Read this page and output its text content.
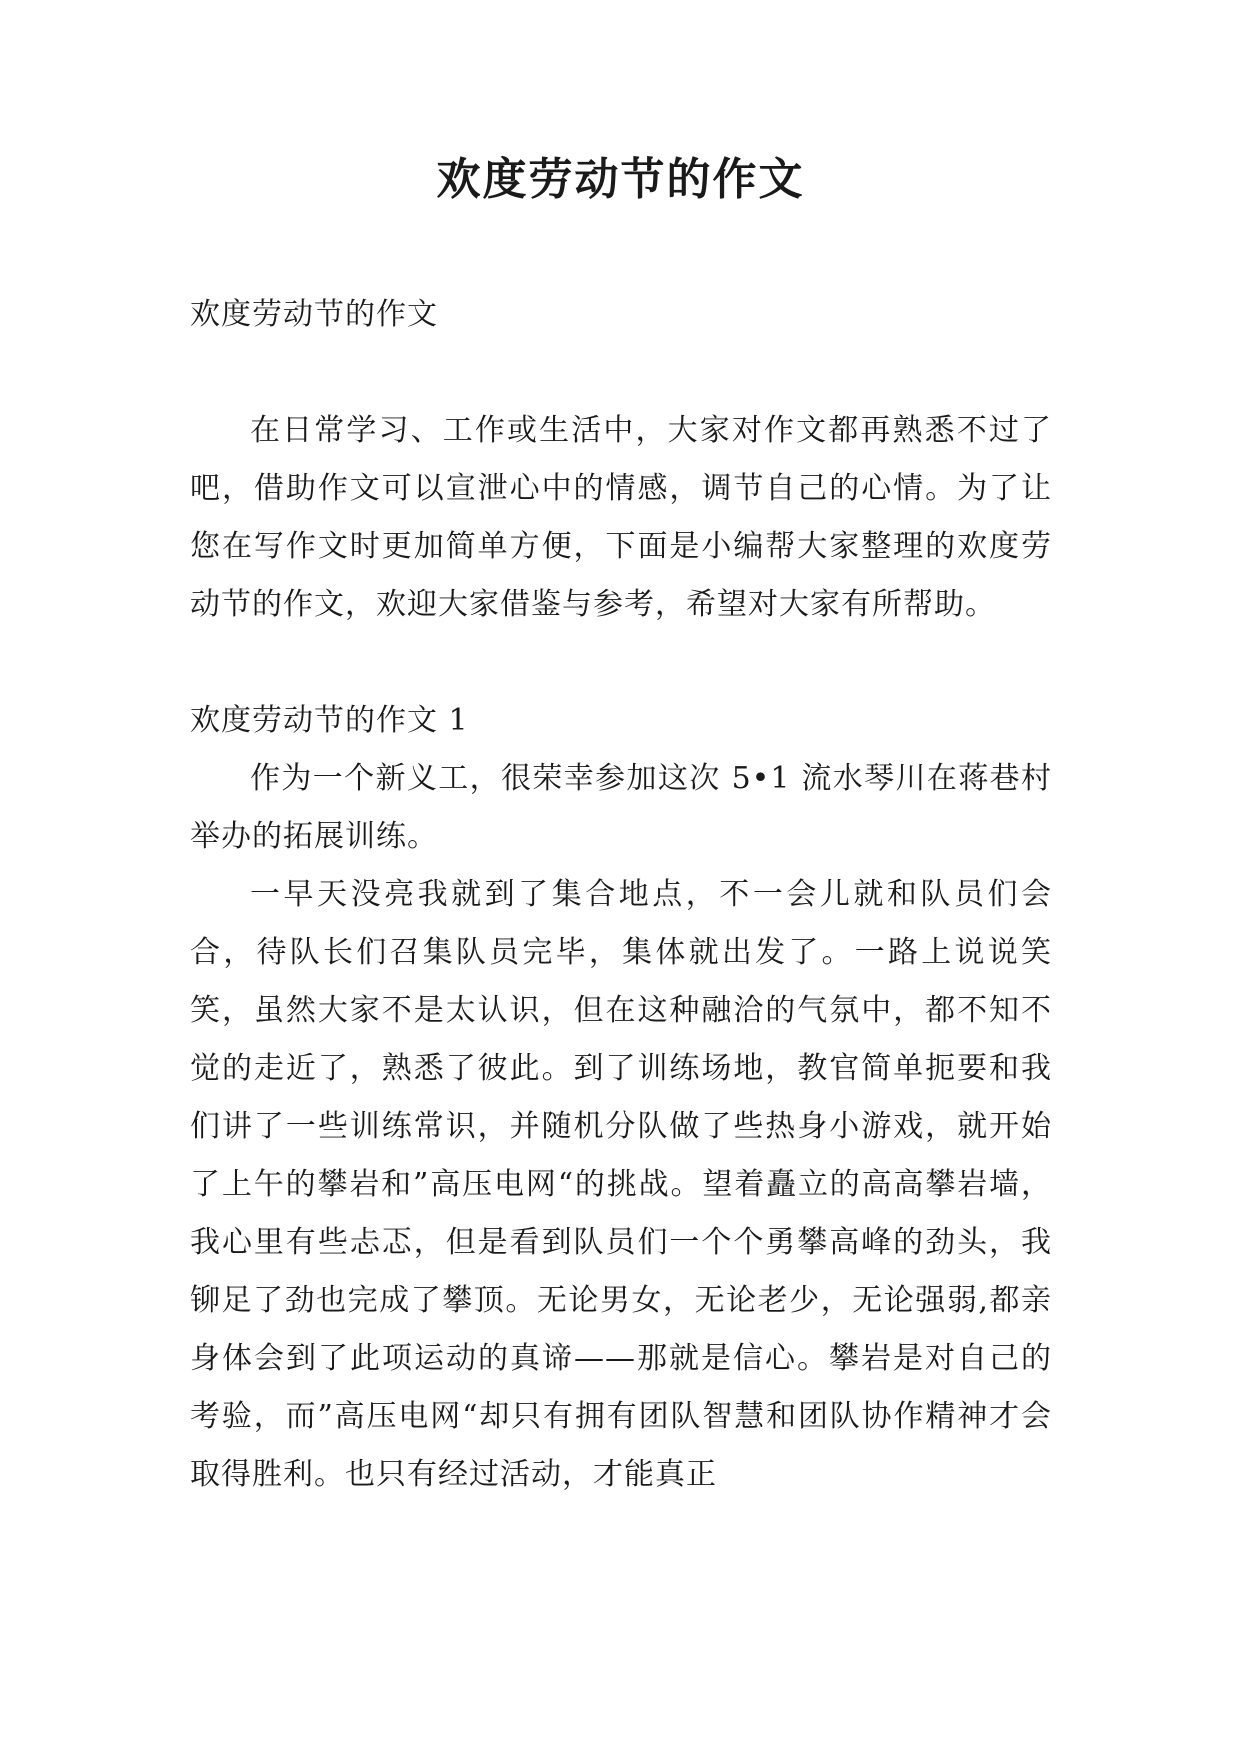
欢度劳动节的作文

欢度劳动节的作文

在日常学习、工作或生活中，大家对作文都再熟悉不过了吧，借助作文可以宣泄心中的情感，调节自己的心情。为了让您在写作文时更加简单方便，下面是小编帮大家整理的欢度劳动节的作文，欢迎大家借鉴与参考，希望对大家有所帮助。

欢度劳动节的作文 1

作为一个新义工，很荣幸参加这次 5•1 流水琴川在蒋巷村举办的拓展训练。

一早天没亮我就到了集合地点，不一会儿就和队员们会合，待队长们召集队员完毕，集体就出发了。一路上说说笑笑，虽然大家不是太认识，但在这种融洽的气氛中，都不知不觉的走近了，熟悉了彼此。到了训练场地，教官简单扼要和我们讲了一些训练常识，并随机分队做了些热身小游戏，就开始了上午的攀岩和”高压电网“的挑战。望着矗立的高高攀岩墙，我心里有些忐忑，但是看到队员们一个个勇攀高峰的劲头，我铆足了劲也完成了攀顶。无论男女，无论老少，无论强弱,都亲身体会到了此项运动的真谛——那就是信心。攀岩是对自己的考验，而”高压电网“却只有拥有团队智慧和团队协作精神才会取得胜利。也只有经过活动，才能真正
